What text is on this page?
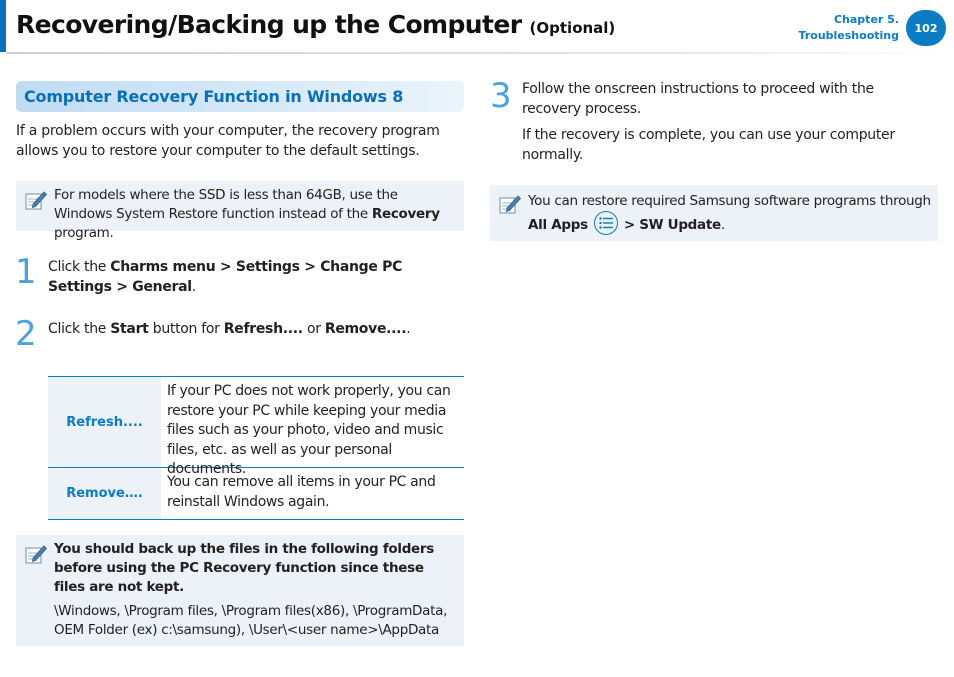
Recovering/Backing up the Computer (Optional)	Chapter 5.
Troubleshooting
102
Computer Recovery Function in Windows 8
If a problem occurs with your computer, the recovery program allows you to restore your computer to the default settings.
For models where the SSD is less than 64GB, use the Windows System Restore function instead of the Recovery program.
1 Click the Charms menu > Settings > Change PC Settings > General.
2 Click the Start button for Refresh.... or Remove.....
Refresh....
If your PC does not work properly, you can restore your PC while keeping your media files such as your photo, video and music files, etc. as well as your personal documents.
Remove….
You can remove all items in your PC and reinstall Windows again.
You should back up the files in the following folders before using the PC Recovery function since these files are not kept.
\Windows, \Program files, \Program files(x86), \ProgramData, OEM Folder (ex) c:\samsung), \User\<user name>\AppData
3 Follow the onscreen instructions to proceed with the recovery process.
If the recovery is complete, you can use your computer normally.
You can restore required Samsung software programs through All Apps	> SW Update.
